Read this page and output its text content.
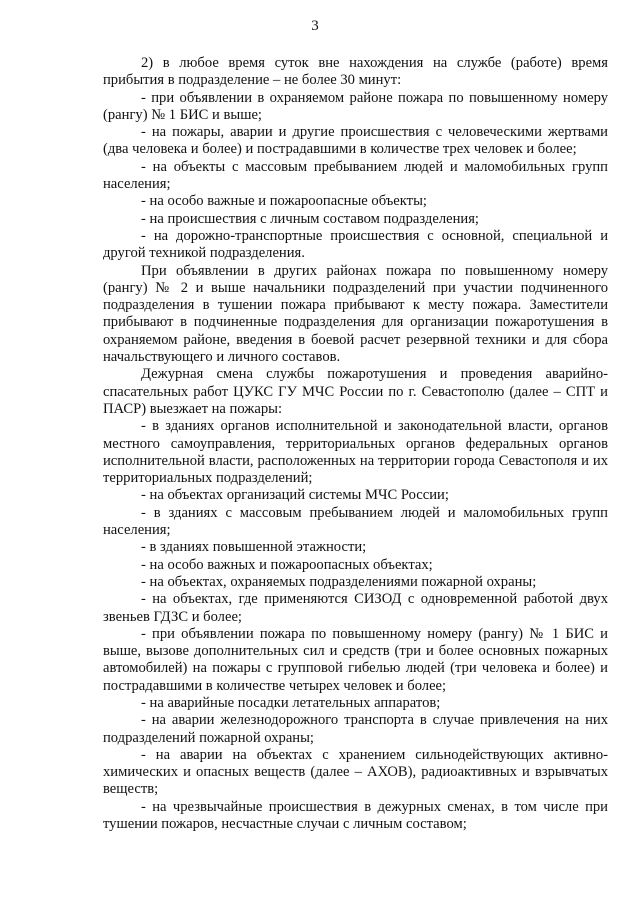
3

2) в любое время суток вне нахождения на службе (работе) время прибытия в подразделение – не более 30 минут:

- при объявлении в охраняемом районе пожара по повышенному номеру (рангу) № 1 БИС и выше;

- на пожары, аварии и другие происшествия с человеческими жертвами (два человека и более) и пострадавшими в количестве трех человек и более;

- на объекты с массовым пребыванием людей и маломобильных групп населения;

- на особо важные и пожароопасные объекты;

- на происшествия с личным составом подразделения;

- на дорожно-транспортные происшествия с основной, специальной и другой техникой подразделения.

При объявлении в других районах пожара по повышенному номеру (рангу) № 2 и выше начальники подразделений при участии подчиненного подразделения в тушении пожара прибывают к месту пожара. Заместители прибывают в подчиненные подразделения для организации пожаротушения в охраняемом районе, введения в боевой расчет резервной техники и для сбора начальствующего и личного составов.

Дежурная смена службы пожаротушения и проведения аварийно-спасательных работ ЦУКС ГУ МЧС России по г. Севастополю (далее – СПТ и ПАСР) выезжает на пожары:

- в зданиях органов исполнительной и законодательной власти, органов местного самоуправления, территориальных органов федеральных органов исполнительной власти, расположенных на территории города Севастополя и их территориальных подразделений;

- на объектах организаций системы МЧС России;

- в зданиях с массовым пребыванием людей и маломобильных групп населения;

- в зданиях повышенной этажности;

- на особо важных и пожароопасных объектах;

- на объектах, охраняемых подразделениями пожарной охраны;

- на объектах, где применяются СИЗОД с одновременной работой двух звеньев ГДЗС и более;

- при объявлении пожара по повышенному номеру (рангу) № 1 БИС и выше, вызове дополнительных сил и средств (три и более основных пожарных автомобилей) на пожары с групповой гибелью людей (три человека и более) и пострадавшими в количестве четырех человек и более;

- на аварийные посадки летательных аппаратов;

- на аварии железнодорожного транспорта в случае привлечения на них подразделений пожарной охраны;

- на аварии на объектах с хранением сильнодействующих активно-химических и опасных веществ (далее – АХОВ), радиоактивных и взрывчатых веществ;

- на чрезвычайные происшествия в дежурных сменах, в том числе при тушении пожаров, несчастные случаи с личным составом;
